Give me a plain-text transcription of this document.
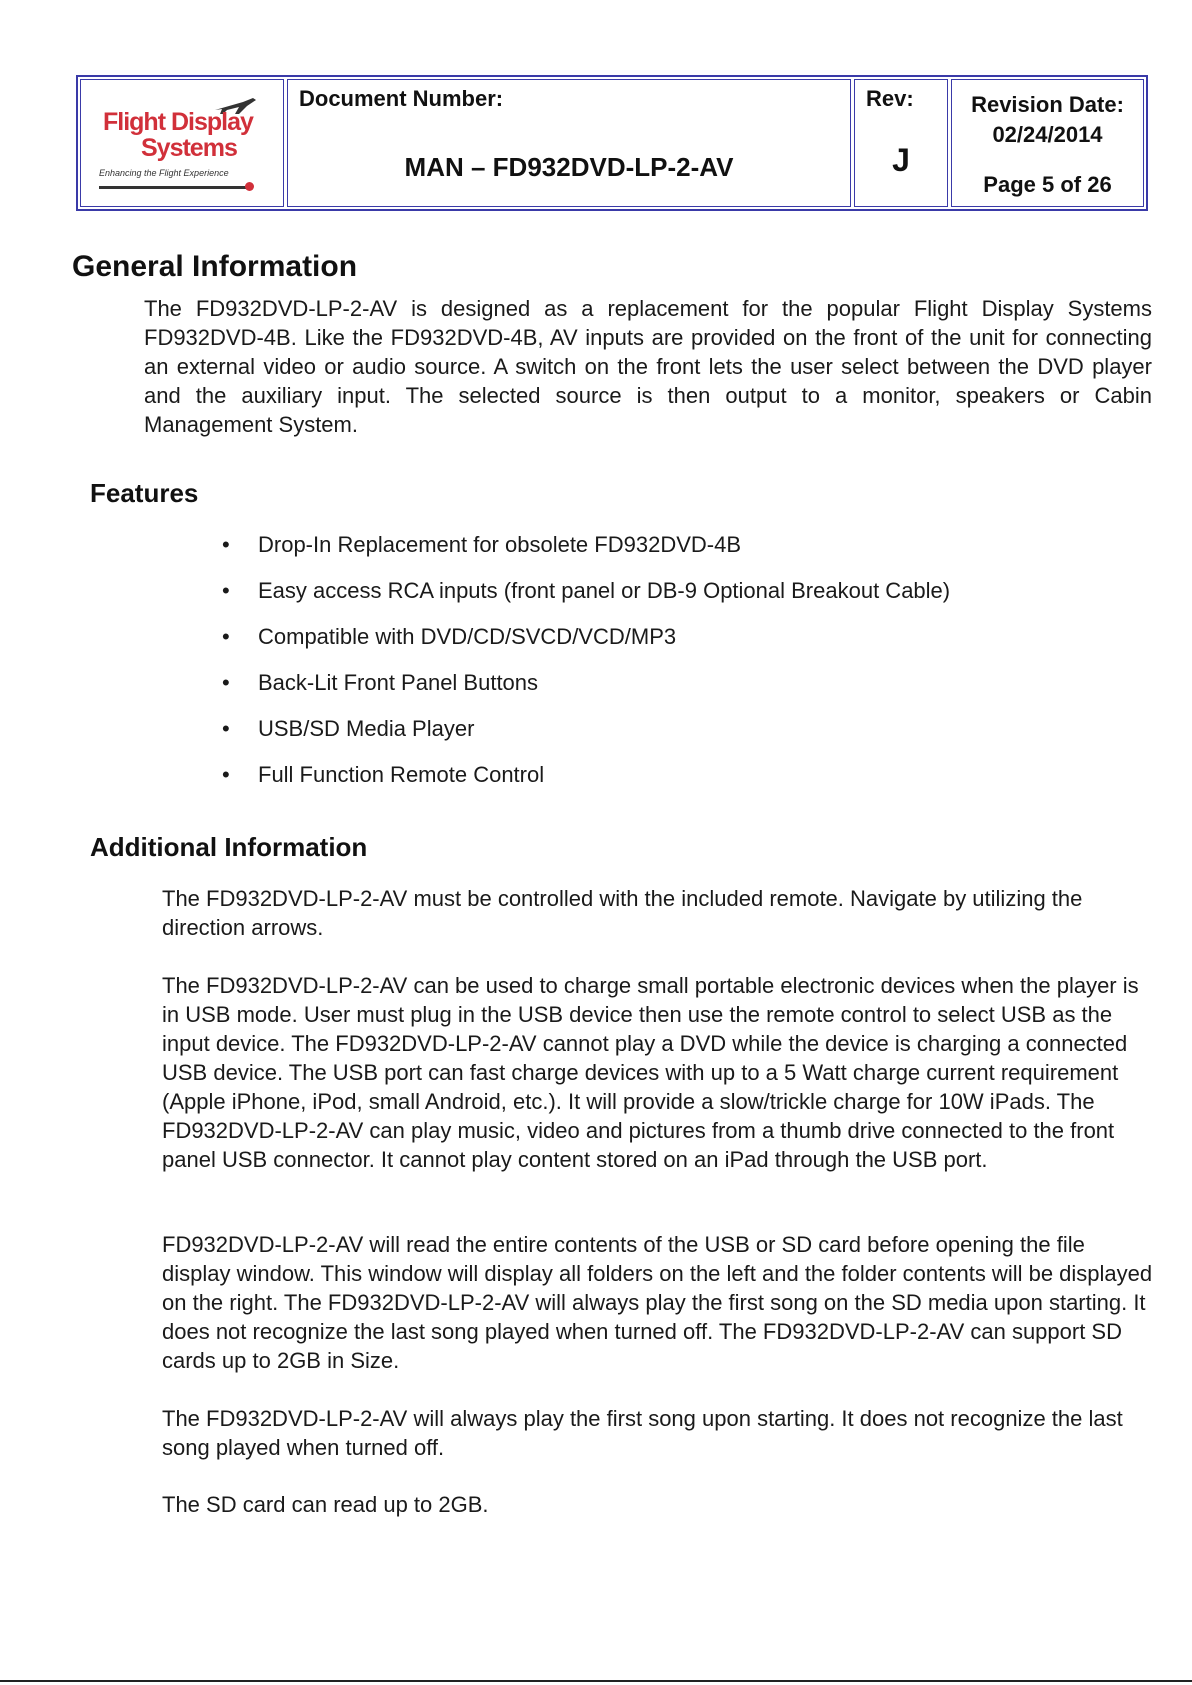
Flight Display
Systems
Enhancing the Flight Experience
Document Number:
MAN – FD932DVD-LP-2-AV
Rev:
J
Revision Date:
02/24/2014
Page 5 of 26
General Information
The FD932DVD-LP-2-AV is designed as a replacement for the popular Flight Display Systems FD932DVD-4B. Like the FD932DVD-4B, AV inputs are provided on the front of the unit for connecting an external video or audio source. A switch on the front lets the user select between the DVD player and the auxiliary input. The selected source is then output to a monitor, speakers or Cabin Management System.
Features
• Drop-In Replacement for obsolete FD932DVD-4B
• Easy access RCA inputs (front panel or DB-9 Optional Breakout Cable)
• Compatible with DVD/CD/SVCD/VCD/MP3
• Back-Lit Front Panel Buttons
• USB/SD Media Player
• Full Function Remote Control
Additional Information
The FD932DVD-LP-2-AV must be controlled with the included remote. Navigate by utilizing the direction arrows.
The FD932DVD-LP-2-AV can be used to charge small portable electronic devices when the player is in USB mode. User must plug in the USB device then use the remote control to select USB as the input device. The FD932DVD-LP-2-AV cannot play a DVD while the device is charging a connected USB device. The USB port can fast charge devices with up to a 5 Watt charge current requirement (Apple iPhone, iPod, small Android, etc.). It will provide a slow/trickle charge for 10W iPads. The FD932DVD-LP-2-AV can play music, video and pictures from a thumb drive connected to the front panel USB connector. It cannot play content stored on an iPad through the USB port.
FD932DVD-LP-2-AV will read the entire contents of the USB or SD card before opening the file display window. This window will display all folders on the left and the folder contents will be displayed on the right. The FD932DVD-LP-2-AV will always play the first song on the SD media upon starting. It does not recognize the last song played when turned off. The FD932DVD-LP-2-AV can support SD cards up to 2GB in Size.
The FD932DVD-LP-2-AV will always play the first song upon starting. It does not recognize the last song played when turned off.
The SD card can read up to 2GB.
